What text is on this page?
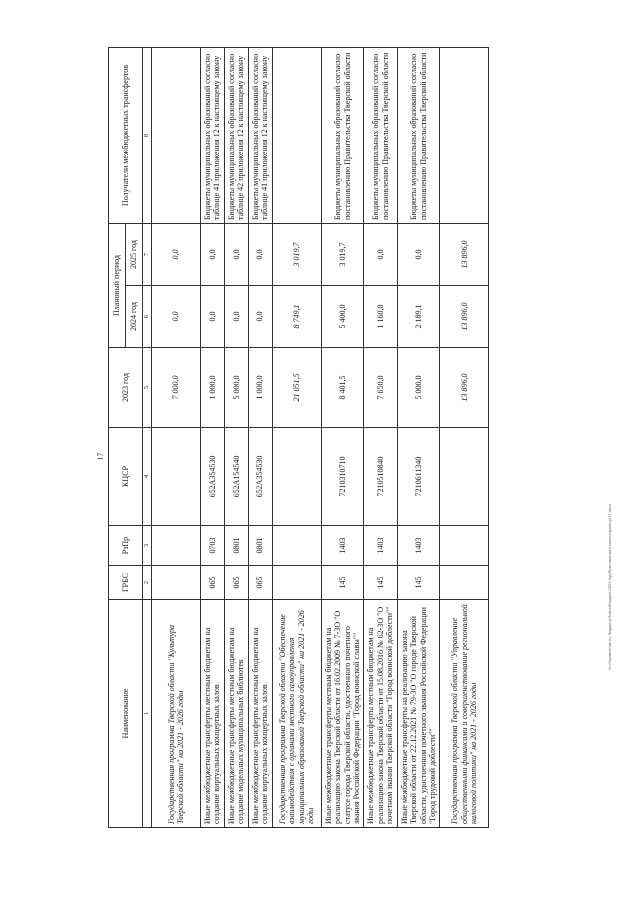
17
W:\Управление по бюджету\Закон\Бюджет\2023 год\Приложения к законопроекту\17.docx
Наименование	ГРБС	РзПр	КЦСР	2023 год	Плановый период		Получатели межбюджетных трансфертов
					2024 год	2025 год	
1	2	3	4	5	6	7	8
Государственная программа Тверской области "Культура Тверской области" на 2021 - 2026 годы				7 000,0	0,0	0,0	
Иные межбюджетные трансферты местным бюджетам на создание виртуальных концертных залов	065	0703	652А354530	1 000,0	0,0	0,0	Бюджеты муниципальных образований согласно таблице 41 приложения 12 к настоящему закону
Иные межбюджетные трансферты местным бюджетам на создание модельных муниципальных библиотек	065	0801	652А154540	5 000,0	0,0	0,0	Бюджеты муниципальных образований согласно таблице 42 приложения 12 к настоящему закону
Иные межбюджетные трансферты местным бюджетам на создание виртуальных концертных залов	065	0801	652А354530	1 000,0	0,0	0,0	Бюджеты муниципальных образований согласно таблице 41 приложения 12 к настоящему закону
Государственная программа Тверской области "Обеспечение взаимодействия с органами местного самоуправления муниципальных образований Тверской области" на 2021 - 2026 годы				21 051,5	8 749,1	3 019,7	
Иные межбюджетные трансферты местным бюджетам на реализацию закона Тверской области от 16.02.2009 № 7-ЗО "О статусе города Тверской области, удостоенного почетного звания Российской Федерации "Город воинской славы""	145	1403	7210310710	8 401,5	5 400,0	3 019,7	Бюджеты муниципальных образований согласно постановлению Правительства Тверской области
Иные межбюджетные трансферты местным бюджетам на реализацию закона Тверской области от 15.08.2016 № 62-ЗО "О почетном звании Тверской области "Город воинской доблести""	145	1403	7210510840	7 650,0	1 160,0	0,0	Бюджеты муниципальных образований согласно постановлению Правительства Тверской области
Иные межбюджетные трансферты на реализацию закона Тверской области от 22.12.2021 № 79-ЗО "О городе Тверской области, удостоенном почетного звания Российской Федерации "Город трудовой доблести""	145	1403	7210611340	5 000,0	2 189,1	0,0	Бюджеты муниципальных образований согласно постановлению Правительства Тверской области
Государственная программа Тверской области "Управление общественными финансами и совершенствование региональной налоговой политики" на 2021 - 2026 годы				13 896,0	13 896,0	13 896,0	
